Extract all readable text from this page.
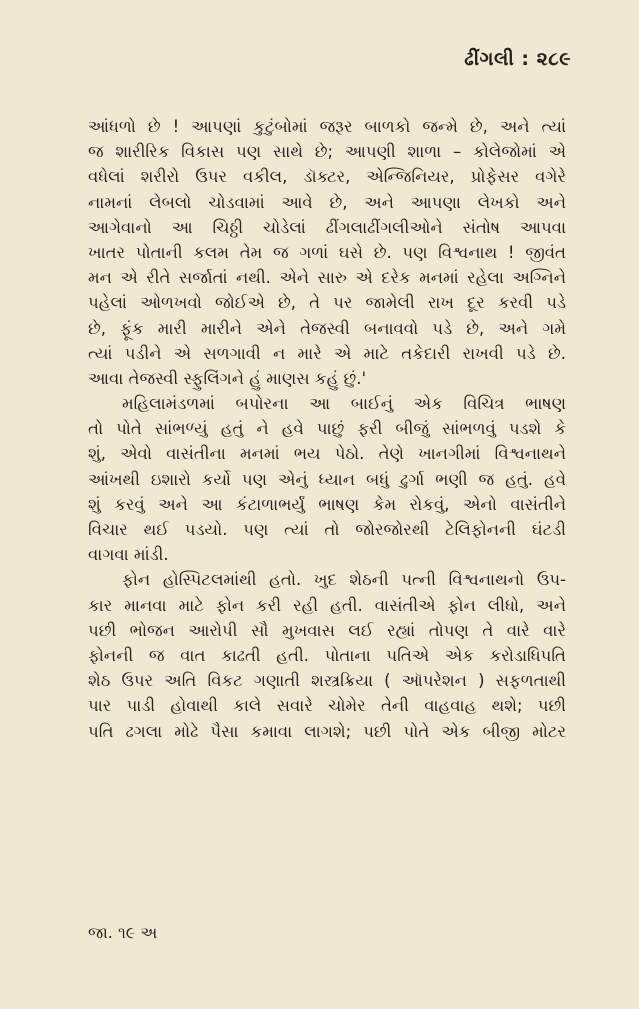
ઢીંગલી : ૨૮૯
આંધળો છે ! આપણાં કુટુંબોમાં જરૂર બાળકો જન્મે છે, અને ત્યાં
જ શારીરિક વિકાસ પણ સાથે છે; આપણી શાળા – કોલેજોમાં એ
વધેલાં શરીરો ઉપર વકીલ, ડૉક્ટર, એન્જિનિયર, પ્રોફેસર વગેરે
નામનાં લેબલો ચોડવામાં આવે છે, અને આપણા લેખકો અને
આગેવાનો આ ચિઠ્ઠી ચોડેલાં ઢીંગલાઢીંગલીઓને સંતોષ આપવા
ખાતર પોતાની કલમ તેમ જ ગળાં ઘસે છે. પણ વિશ્વનાથ ! જીવંત
મન એ રીતે સર્જાતાં નથી. એને સારુ એ દરેક મનમાં રહેલા અગ્નિને
પહેલાં ઓળખવો જોઈએ છે, તે પર જામેલી રાખ દૂર કરવી પડે
છે, ફૂંક મારી મારીને એને તેજસ્વી બનાવવો પડે છે, અને ગમે
ત્યાં પડીને એ સળગાવી ન મારે એ માટે તકેદારી રાખવી પડે છે.
આવા તેજસ્વી સ્ફુલિંગને હું માણસ કહું છું.'
મહિલામંડળમાં બપોરના આ બાઈનું એક વિચિત્ર ભાષણ
તો પોતે સાંભળ્યું હતું ને હવે પાછું ફરી બીજું સાંભળવું પડશે કે
શું, એવો વાસંતીના મનમાં ભય પેઠો. તેણે ખાનગીમાં વિશ્વનાથને
આંખથી ઇશારો કર્યો પણ એનું ધ્યાન બધું ઢુર્ગા ભણી જ હતું. હવે
શું કરવું અને આ કંટાળાભર્યું ભાષણ કેમ રોકવું, એનો વાસંતીને
વિચાર થઈ પડયો. પણ ત્યાં તો જોરજોરથી ટેલિફોનની ઘંટડી
વાગવા માંડી.
ફોન હોસ્પિટલમાંથી હતો. ખુદ શેઠની પત્ની વિશ્વનાથનો ઉપ-
કાર માનવા માટે ફોન કરી રહી હતી. વાસંતીએ ફોન લીધો, અને
પછી ભોજન આરોપી સૌ મુખવાસ લઈ રહ્યાં તોપણ તે વારે વારે
ફોનની જ વાત કાઢતી હતી. પોતાના પતિએ એક કરોડાધિપતિ
શેઠ ઉપર અતિ વિકટ ગણાતી શસ્ત્રક્રિયા ( ઑપરેશન ) સફળતાથી
પાર પાડી હોવાથી કાલે સવારે ચોમેર તેની વાહવાહ થશે; પછી
પતિ ઢગલા મોઢે પૈસા કમાવા લાગશે; પછી પોતે એક બીજી મોટર
જા. ૧૯ અ
